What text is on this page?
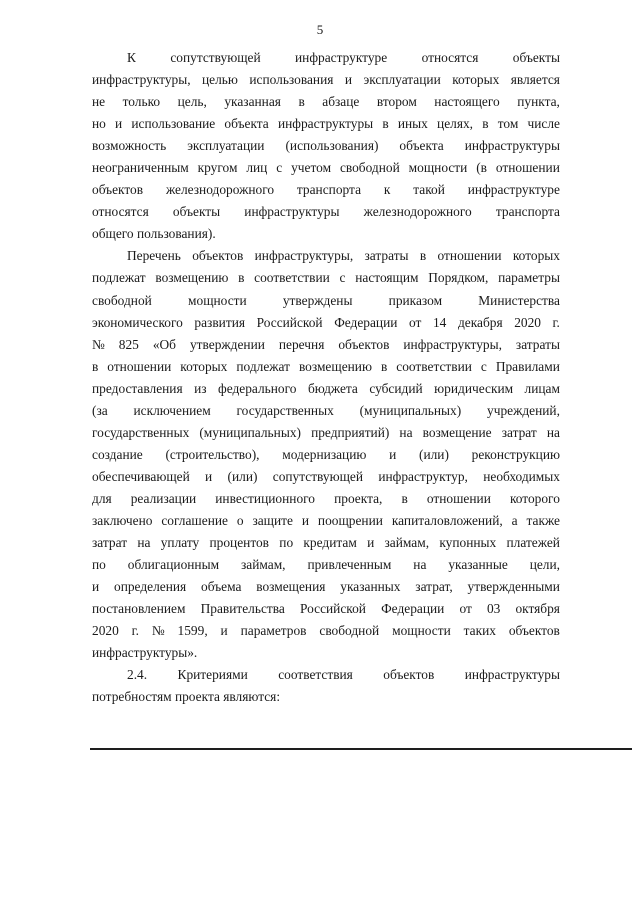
5
К	сопутствующей	инфраструктуре	относятся	объекты
инфраструктуры, целью использования и эксплуатации которых является
не только цель, указанная в абзаце втором настоящего пункта,
но и использование объекта инфраструктуры в иных целях, в том числе
возможность эксплуатации (использования) объекта инфраструктуры
неограниченным кругом лиц с учетом свободной мощности (в отношении
объектов железнодорожного транспорта к такой инфраструктуре
относятся объекты инфраструктуры железнодорожного транспорта
общего пользования).
Перечень объектов инфраструктуры, затраты в отношении которых
подлежат возмещению в соответствии с настоящим Порядком, параметры
свободной	мощности	утверждены	приказом	Министерства
экономического развития Российской Федерации от 14 декабря 2020 г.
№ 825 «Об утверждении перечня объектов инфраструктуры, затраты
в отношении которых подлежат возмещению в соответствии с Правилами
предоставления из федерального бюджета субсидий юридическим лицам
(за исключением государственных (муниципальных) учреждений,
государственных (муниципальных) предприятий) на возмещение затрат на
создание (строительство), модернизацию и (или) реконструкцию
обеспечивающей и (или) сопутствующей инфраструктур, необходимых
для реализации инвестиционного проекта, в отношении которого
заключено соглашение о защите и поощрении капиталовложений, а также
затрат на уплату процентов по кредитам и займам, купонных платежей
по облигационным займам, привлеченным на указанные цели,
и определения объема возмещения указанных затрат, утвержденными
постановлением Правительства Российской Федерации от 03 октября
2020 г. № 1599, и параметров свободной мощности таких объектов
инфраструктуры».
2.4. Критериями соответствия объектов инфраструктуры
потребностям проекта являются:
